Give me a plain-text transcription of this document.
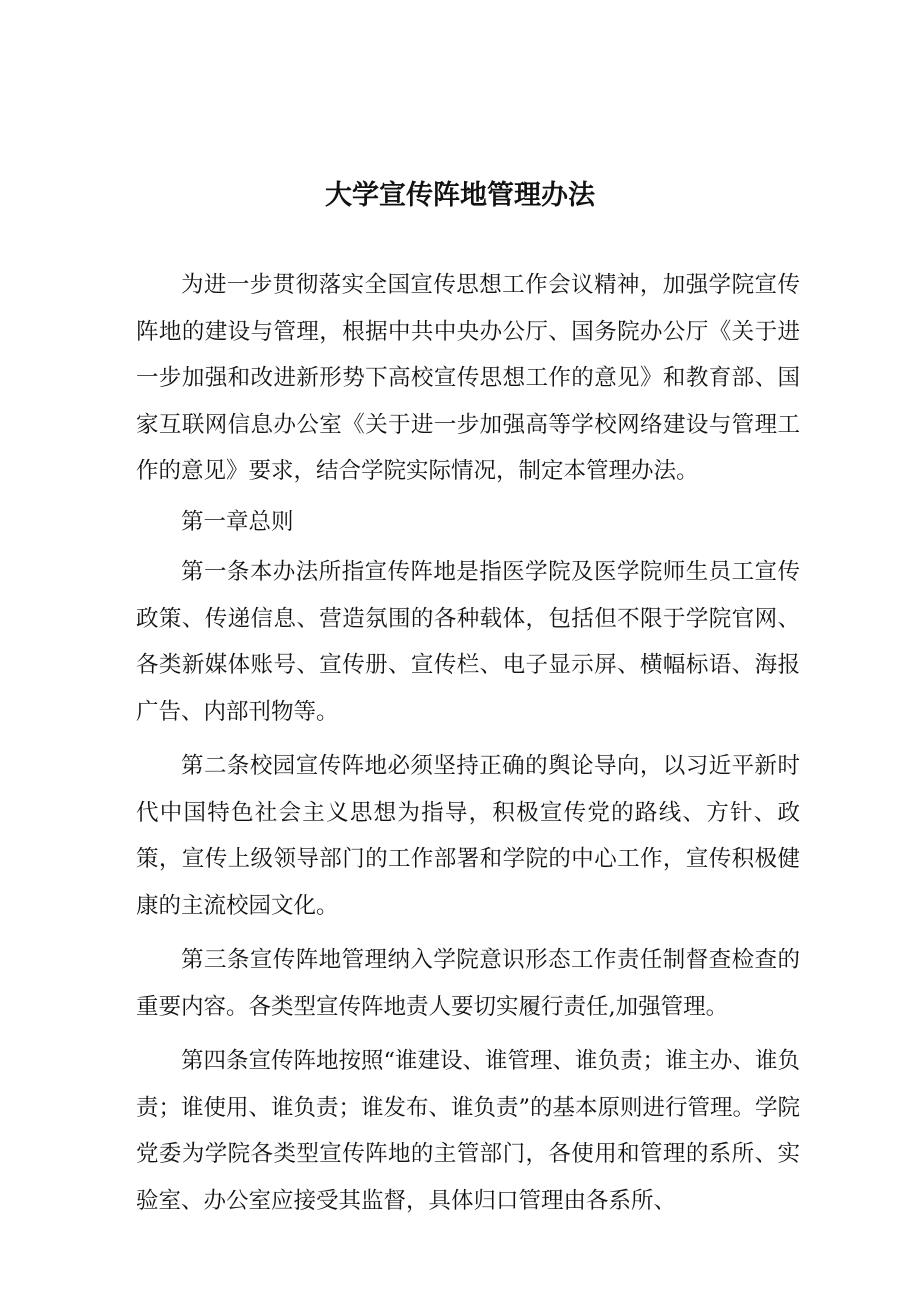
大学宣传阵地管理办法

为进一步贯彻落实全国宣传思想工作会议精神，加强学院宣传阵地的建设与管理，根据中共中央办公厅、国务院办公厅《关于进一步加强和改进新形势下高校宣传思想工作的意见》和教育部、国家互联网信息办公室《关于进一步加强高等学校网络建设与管理工作的意见》要求，结合学院实际情况，制定本管理办法。

第一章总则

第一条本办法所指宣传阵地是指医学院及医学院师生员工宣传政策、传递信息、营造氛围的各种载体，包括但不限于学院官网、各类新媒体账号、宣传册、宣传栏、电子显示屏、横幅标语、海报广告、内部刊物等。

第二条校园宣传阵地必须坚持正确的舆论导向，以习近平新时代中国特色社会主义思想为指导，积极宣传党的路线、方针、政策，宣传上级领导部门的工作部署和学院的中心工作，宣传积极健康的主流校园文化。

第三条宣传阵地管理纳入学院意识形态工作责任制督查检查的重要内容。各类型宣传阵地责人要切实履行责任,加强管理。

第四条宣传阵地按照“谁建设、谁管理、谁负责；谁主办、谁负责；谁使用、谁负责；谁发布、谁负责”的基本原则进行管理。学院党委为学院各类型宣传阵地的主管部门，各使用和管理的系所、实验室、办公室应接受其监督，具体归口管理由各系所、
